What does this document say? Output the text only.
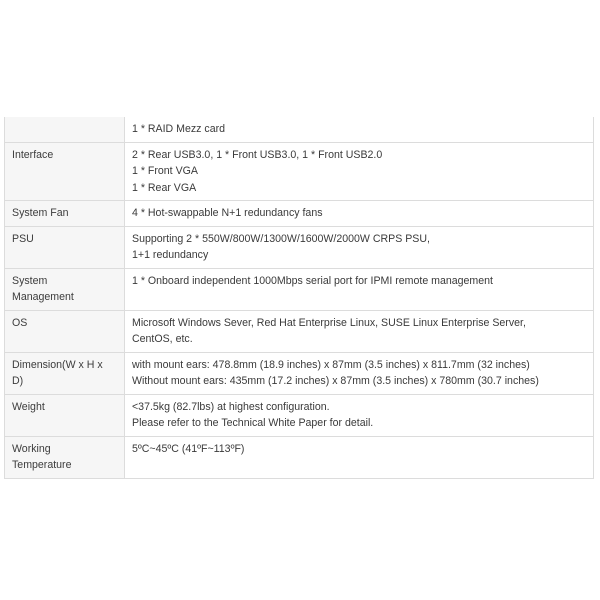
	1 * RAID Mezz card

Interface	2 * Rear USB3.0, 1 * Front USB3.0, 1 * Front USB2.0
1 * Front VGA
1 * Rear VGA

System Fan	4 * Hot-swappable N+1 redundancy fans

PSU	Supporting 2 * 550W/800W/1300W/1600W/2000W CRPS PSU,
1+1 redundancy

System
Management	1 * Onboard independent 1000Mbps serial port for IPMI remote management

OS	Microsoft Windows Sever, Red Hat Enterprise Linux, SUSE Linux Enterprise Server,
CentOS, etc.

Dimension(W x H x
D)	with mount ears: 478.8mm (18.9 inches) x 87mm (3.5 inches) x 811.7mm (32 inches)
Without mount ears: 435mm (17.2 inches) x 87mm (3.5 inches) x 780mm (30.7 inches)

Weight	<37.5kg (82.7lbs) at highest configuration.
Please refer to the Technical White Paper for detail.

Working
Temperature	5ºC~45ºC (41ºF~113ºF)
